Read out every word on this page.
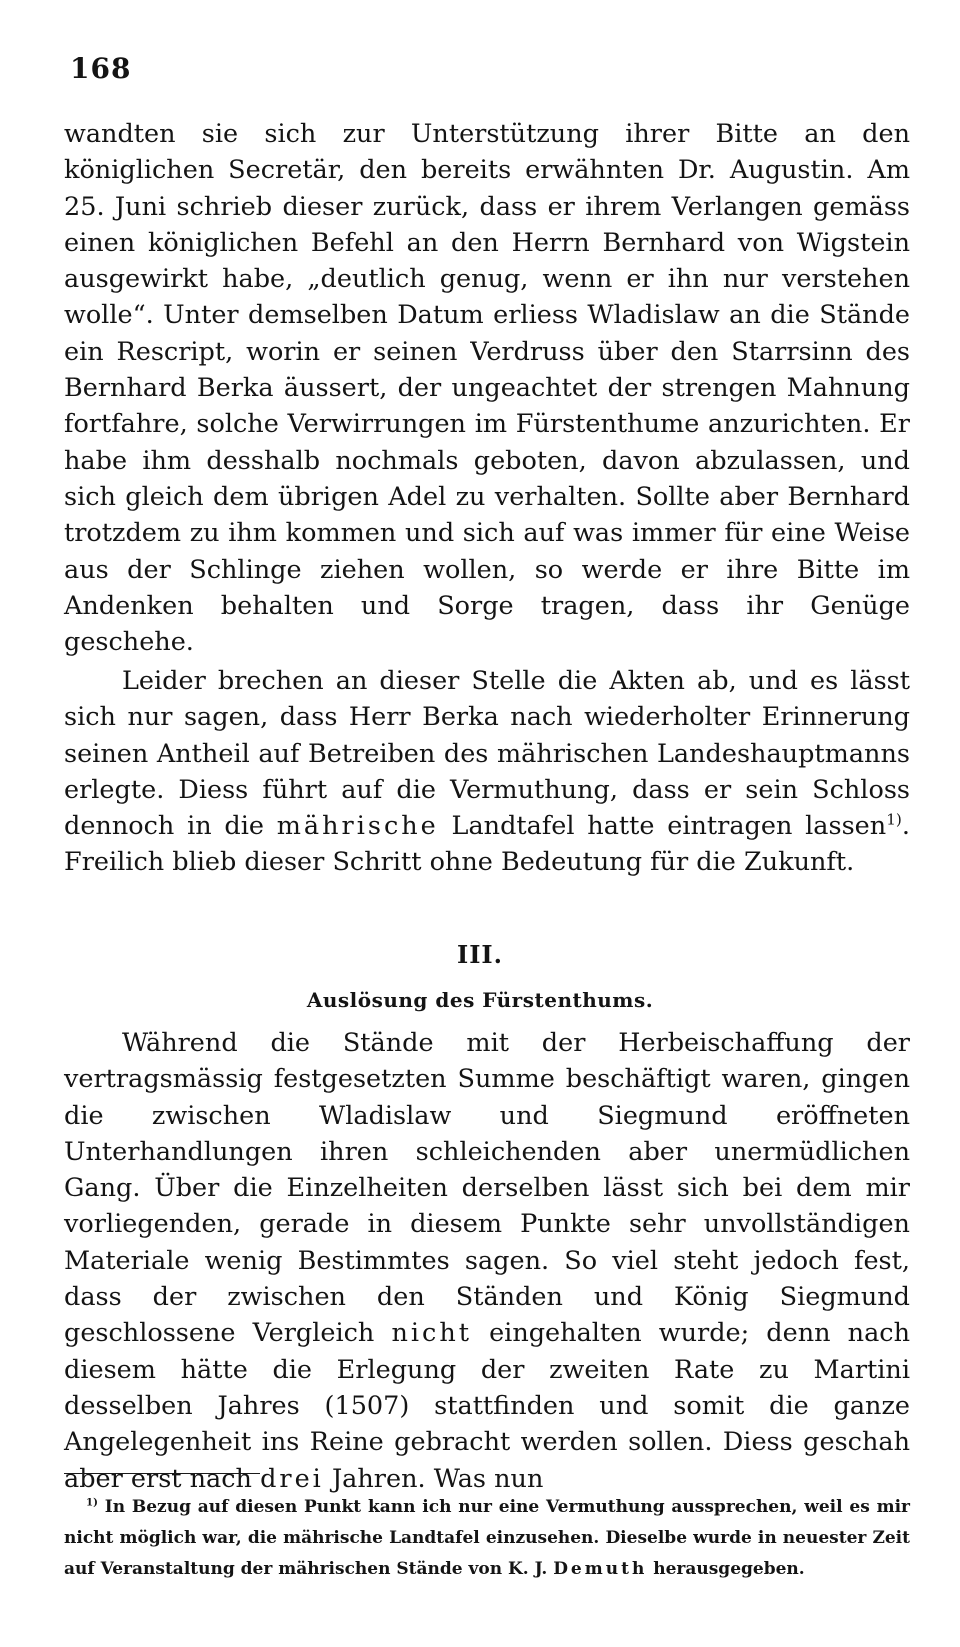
168

wandten sie sich zur Unterstützung ihrer Bitte an den königlichen Secretär, den bereits erwähnten Dr. Augustin. Am 25. Juni schrieb dieser zurück, dass er ihrem Verlangen gemäss einen königlichen Befehl an den Herrn Bernhard von Wigstein ausgewirkt habe, „deutlich genug, wenn er ihn nur verstehen wolle“. Unter demselben Datum erliess Wladislaw an die Stände ein Rescript, worin er seinen Verdruss über den Starrsinn des Bernhard Berka äussert, der ungeachtet der strengen Mahnung fortfahre, solche Verwirrungen im Fürstenthume anzurichten. Er habe ihm desshalb nochmals geboten, davon abzulassen, und sich gleich dem übrigen Adel zu verhalten. Sollte aber Bernhard trotzdem zu ihm kommen und sich auf was immer für eine Weise aus der Schlinge ziehen wollen, so werde er ihre Bitte im Andenken behalten und Sorge tragen, dass ihr Genüge geschehe.

Leider brechen an dieser Stelle die Akten ab, und es lässt sich nur sagen, dass Herr Berka nach wiederholter Erinnerung seinen Antheil auf Betreiben des mährischen Landeshauptmanns erlegte. Diess führt auf die Vermuthung, dass er sein Schloss dennoch in die mährische Landtafel hatte eintragen lassen$^{1)}$. Freilich blieb dieser Schritt ohne Bedeutung für die Zukunft.

III.
Auslösung des Fürstenthums.

Während die Stände mit der Herbeischaffung der vertragsmässig festgesetzten Summe beschäftigt waren, gingen die zwischen Wladislaw und Siegmund eröffneten Unterhandlungen ihren schleichenden aber unermüdlichen Gang. Über die Einzelheiten derselben lässt sich bei dem mir vorliegenden, gerade in diesem Punkte sehr unvollständigen Materiale wenig Bestimmtes sagen. So viel steht jedoch fest, dass der zwischen den Ständen und König Siegmund geschlossene Vergleich nicht eingehalten wurde; denn nach diesem hätte die Erlegung der zweiten Rate zu Martini desselben Jahres (1507) stattfinden und somit die ganze Angelegenheit ins Reine gebracht werden sollen. Diess geschah aber erst nach drei Jahren. Was nun

$^{1)}$ In Bezug auf diesen Punkt kann ich nur eine Vermuthung aussprechen, weil es mir nicht möglich war, die mährische Landtafel einzusehen. Dieselbe wurde in neuester Zeit auf Veranstaltung der mährischen Stände von K. J. Demuth herausgegeben.
